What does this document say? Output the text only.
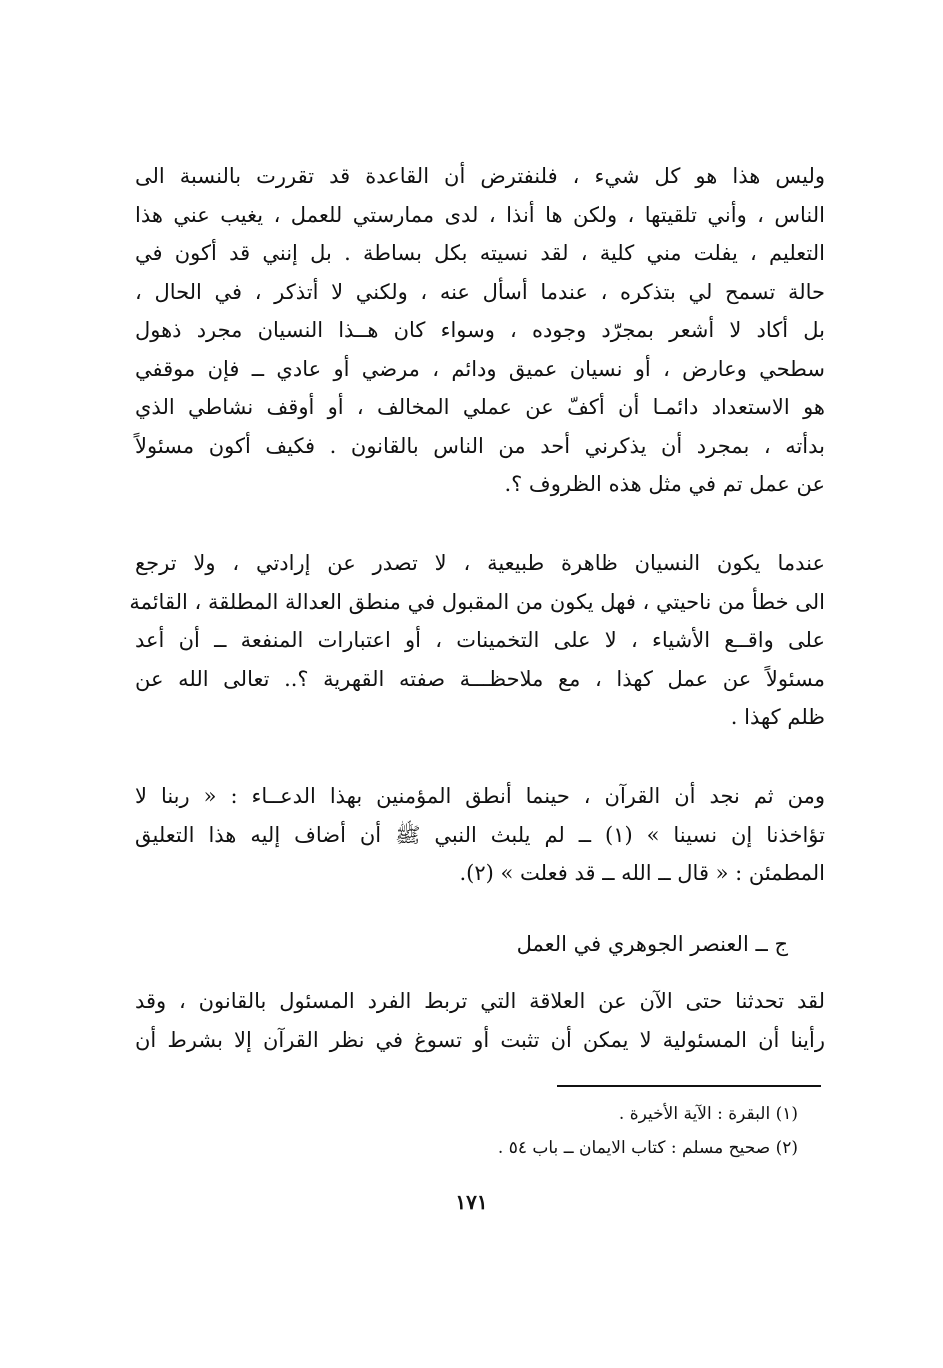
وليس هذا هو كل شيء ، فلنفترض أن القاعدة قد تقررت بالنسبة الى
الناس ، وأني تلقيتها ، ولكن ها أنذا ، لدى ممارستي للعمل ، يغيب عني هذا
التعليم ، يفلت مني كلية ، لقد نسيته بكل بساطة . بل إنني قد أكون في
حالة تسمح لي بتذكره ، عندما أسأل عنه ، ولكني لا أتذكر ، في الحال ،
بل أكاد لا أشعر بمجرّد وجوده ، وسواء كان هــذا النسيان مجرد ذهول
سطحي وعارض ، أو نسيان عميق ودائم ، مرضي أو عادي ــ فإن موقفي
هو الاستعداد دائمـا أن أكفّ عن عملي المخالف ، أو أوقف نشاطي الذي
بدأته ، بمجرد أن يذكرني أحد من الناس بالقانون . فكيف أكون مسئولاً
عن عمل تم في مثل هذه الظروف ؟.
عندما يكون النسيان ظاهرة طبيعية ، لا تصدر عن إرادتي ، ولا ترجع
الى خطأ من ناحيتي ، فهل يكون من المقبول في منطق العدالة المطلقة ، القائمة
على واقــع الأشياء ، لا على التخمينات ، أو اعتبارات المنفعة ــ أن أعد
مسئولاً عن عمل كهذا ، مع ملاحظـــة صفته القهرية ؟.. تعالى الله عن
ظلم كهذا .
ومن ثم نجد أن القرآن ، حينما أنطق المؤمنين بهذا الدعــاء : « ربنا لا
تؤاخذنا إن نسينا » (١) ــ لم يلبث النبي ﷺ أن أضاف إليه هذا التعليق
المطمئن : « قال ــ الله ــ قد فعلت » (٢).
ج ــ العنصر الجوهري في العمل
لقد تحدثنا حتى الآن عن العلاقة التي تربط الفرد المسئول بالقانون ، وقد
رأينا أن المسئولية لا يمكن أن تثبت أو تسوغ في نظر القرآن إلا بشرط أن
(١) البقرة : الآية الأخيرة .
(٢) صحيح مسلم : كتاب الايمان ــ باب ٥٤ .
١٧١
